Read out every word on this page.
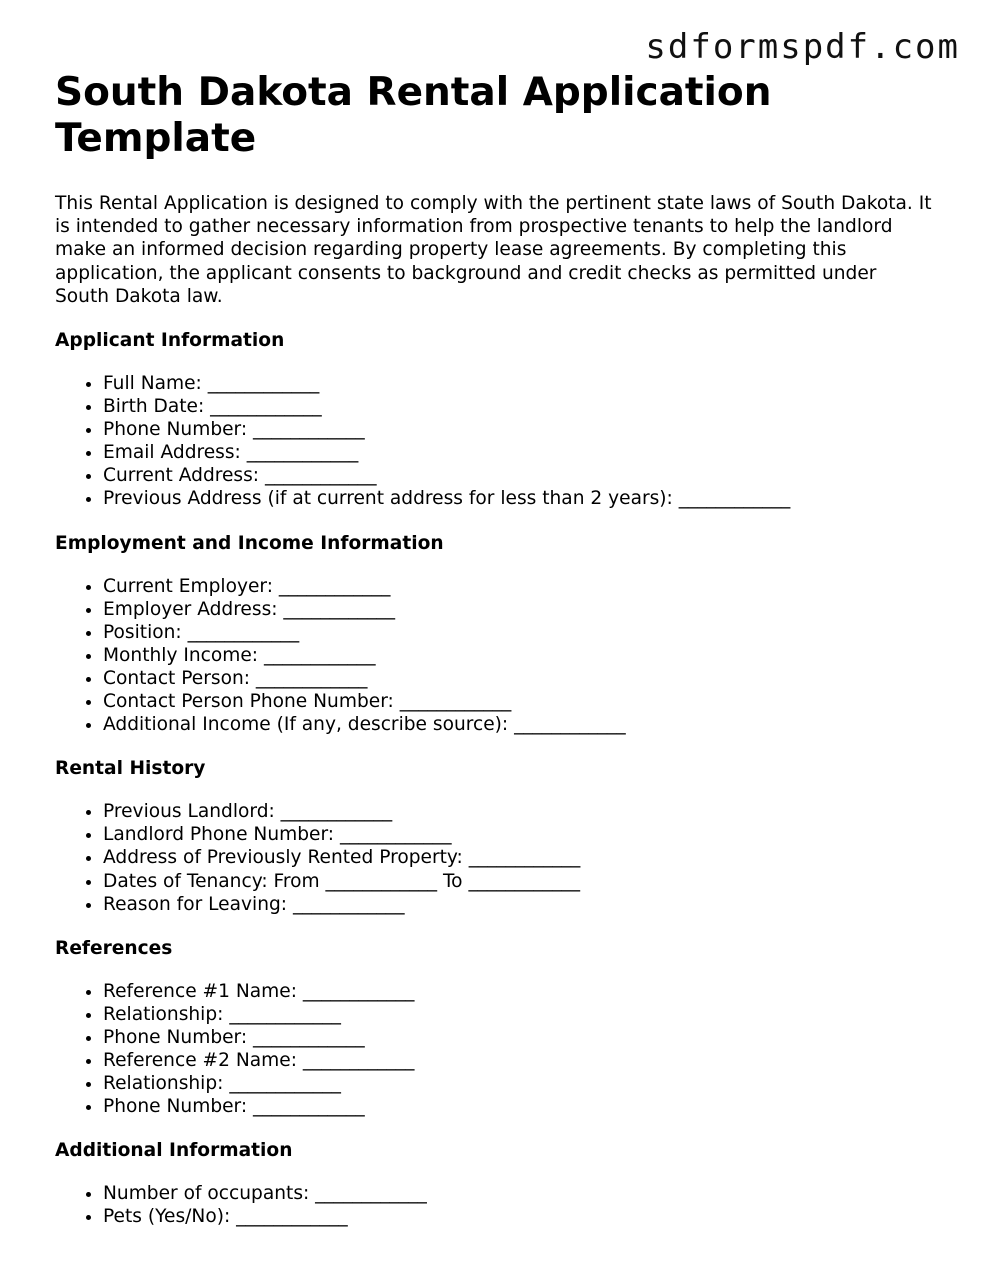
sdformspdf.com
South Dakota Rental Application Template

This Rental Application is designed to comply with the pertinent state laws of South Dakota. It is intended to gather necessary information from prospective tenants to help the landlord make an informed decision regarding property lease agreements. By completing this application, the applicant consents to background and credit checks as permitted under South Dakota law.

Applicant Information
• Full Name: ____________
• Birth Date: ____________
• Phone Number: ____________
• Email Address: ____________
• Current Address: ____________
• Previous Address (if at current address for less than 2 years): ____________
Employment and Income Information
• Current Employer: ____________
• Employer Address: ____________
• Position: ____________
• Monthly Income: ____________
• Contact Person: ____________
• Contact Person Phone Number: ____________
• Additional Income (If any, describe source): ____________
Rental History
• Previous Landlord: ____________
• Landlord Phone Number: ____________
• Address of Previously Rented Property: ____________
• Dates of Tenancy: From ____________ To ____________
• Reason for Leaving: ____________
References
• Reference #1 Name: ____________
• Relationship: ____________
• Phone Number: ____________
• Reference #2 Name: ____________
• Relationship: ____________
• Phone Number: ____________
Additional Information
• Number of occupants: ____________
• Pets (Yes/No): ____________
